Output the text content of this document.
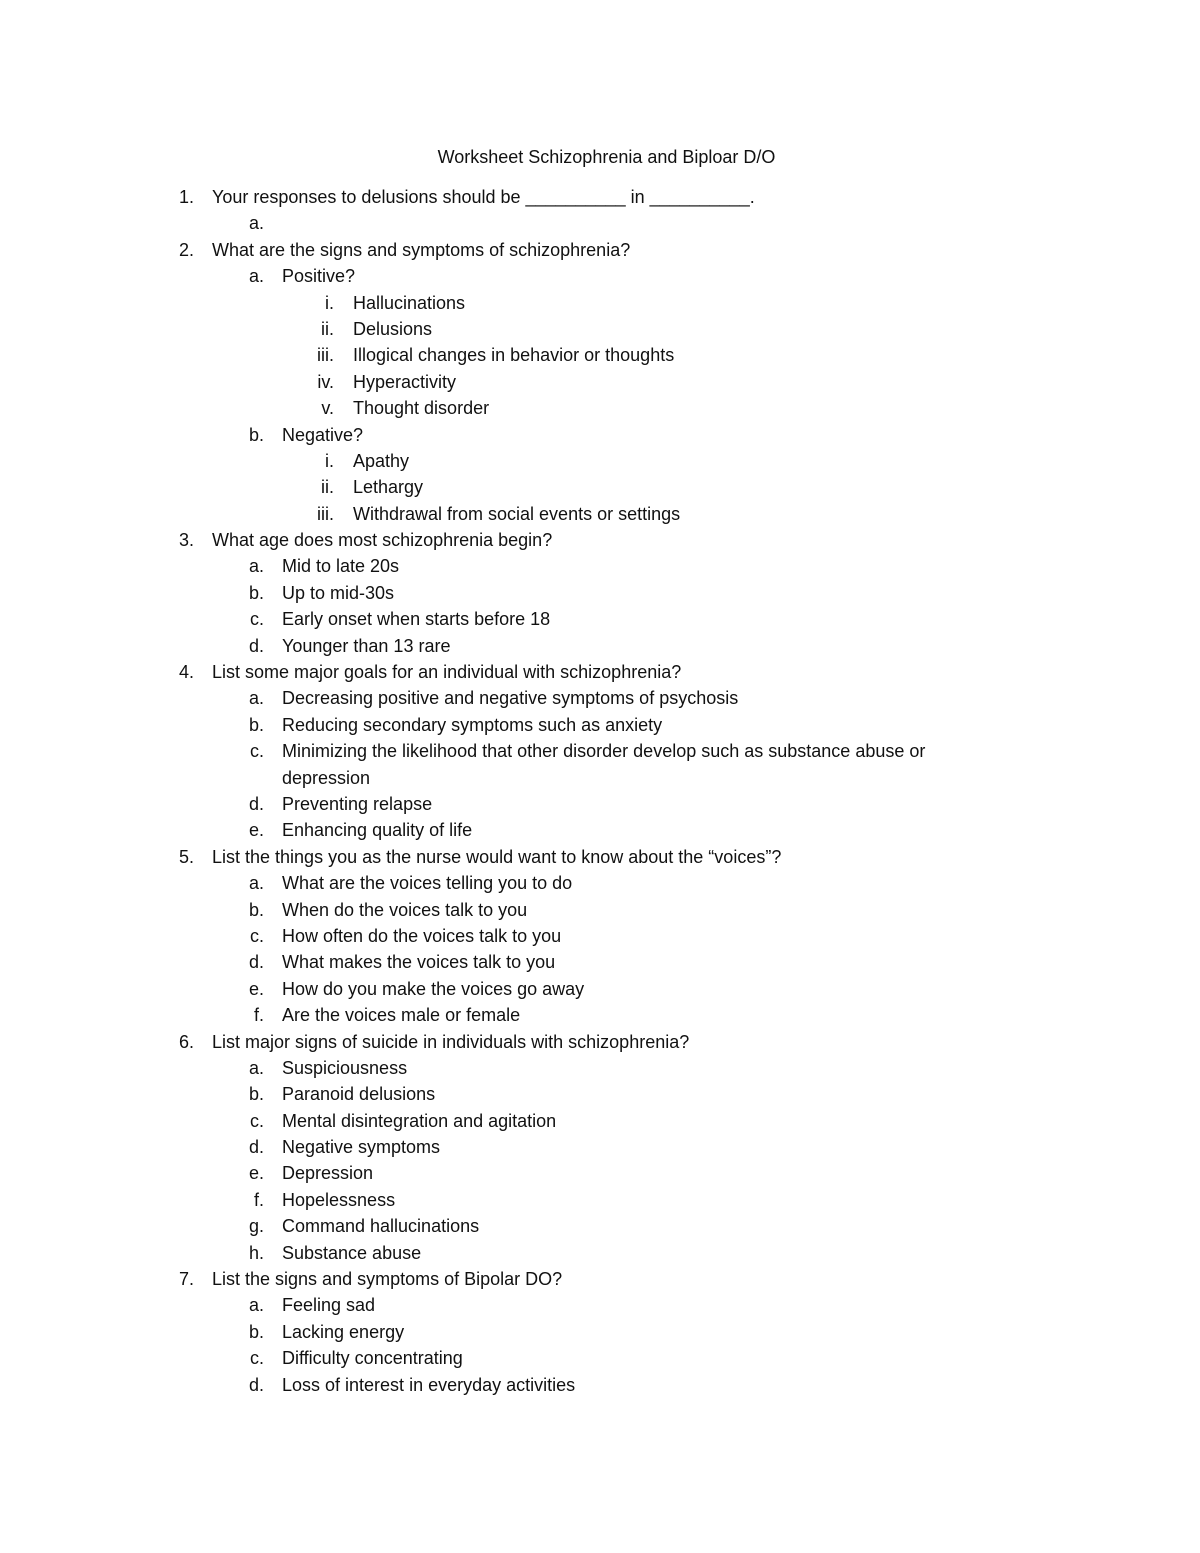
Worksheet Schizophrenia and Biploar D/O
1. Your responses to delusions should be __________ in __________.
a.
2. What are the signs and symptoms of schizophrenia?
a. Positive?
i. Hallucinations
ii. Delusions
iii. Illogical changes in behavior or thoughts
iv. Hyperactivity
v. Thought disorder
b. Negative?
i. Apathy
ii. Lethargy
iii. Withdrawal from social events or settings
3. What age does most schizophrenia begin?
a. Mid to late 20s
b. Up to mid-30s
c. Early onset when starts before 18
d. Younger than 13 rare
4. List some major goals for an individual with schizophrenia?
a. Decreasing positive and negative symptoms of psychosis
b. Reducing secondary symptoms such as anxiety
c. Minimizing the likelihood that other disorder develop such as substance abuse or depression
d. Preventing relapse
e. Enhancing quality of life
5. List the things you as the nurse would want to know about the “voices”?
a. What are the voices telling you to do
b. When do the voices talk to you
c. How often do the voices talk to you
d. What makes the voices talk to you
e. How do you make the voices go away
f. Are the voices male or female
6. List major signs of suicide in individuals with schizophrenia?
a. Suspiciousness
b. Paranoid delusions
c. Mental disintegration and agitation
d. Negative symptoms
e. Depression
f. Hopelessness
g. Command hallucinations
h. Substance abuse
7. List the signs and symptoms of Bipolar DO?
a. Feeling sad
b. Lacking energy
c. Difficulty concentrating
d. Loss of interest in everyday activities
